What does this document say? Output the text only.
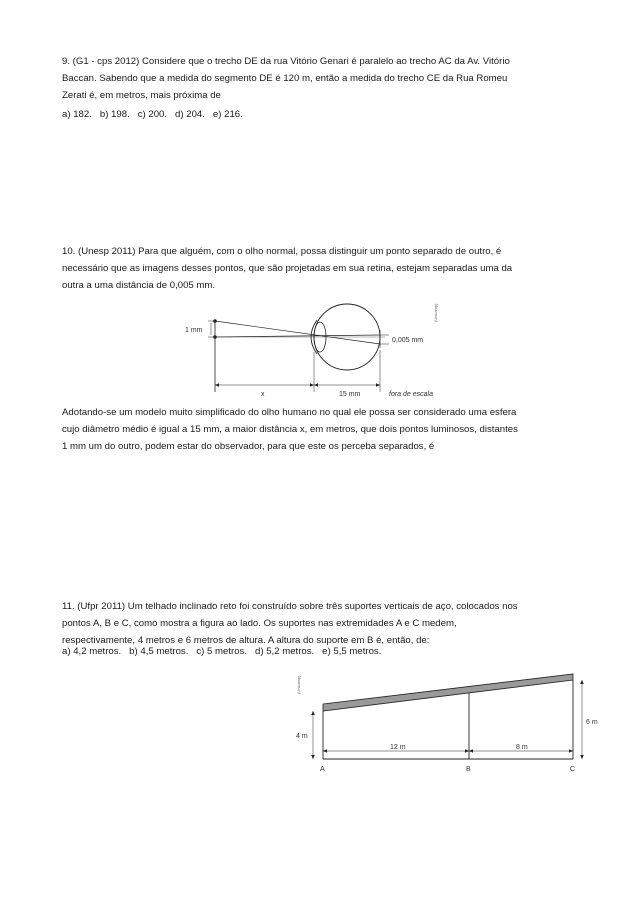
9. (G1 - cps 2012) Considere que o trecho DE da rua Vitório Genari é paralelo ao trecho AC da Av. Vitório
Baccan. Sabendo que a medida do segmento DE é 120 m, então a medida do trecho CE da Rua Romeu
Zerati é, em metros, mais próxima de
a) 182.   b) 198.   c) 200.   d) 204.   e) 216.
10. (Unesp 2011) Para que alguém, com o olho normal, possa distinguir um ponto separado de outro, é
necessário que as imagens desses pontos, que são projetadas em sua retina, estejam separadas uma da
outra a uma distância de 0,005 mm.
1 mm
0,005 mm
x	15 mm	fora de escala
(Unicamp)
Adotando-se um modelo muito simplificado do olho humano no qual ele possa ser considerado uma esfera
cujo diâmetro médio é igual a 15 mm, a maior distância x, em metros, que dois pontos luminosos, distantes
1 mm um do outro, podem estar do observador, para que este os perceba separados, é
11. (Ufpr 2011) Um telhado inclinado reto foi construído sobre três suportes verticais de aço, colocados nos
pontos A, B e C, como mostra a figura ao lado. Os suportes nas extremidades A e C medem,
respectivamente, 4 metros e 6 metros de altura. A altura do suporte em B é, então, de:
a) 4,2 metros.   b) 4,5 metros.   c) 5 metros.   d) 5,2 metros.   e) 5,5 metros.
4 m
6 m
12 m	8 m
A	B	C
(Unicamp)
